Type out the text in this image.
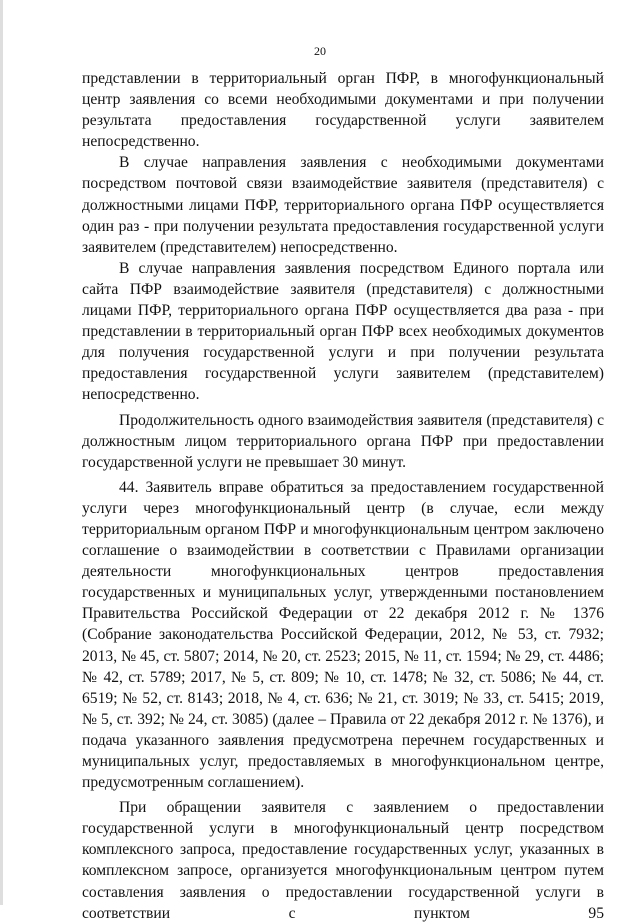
20

представлении в территориальный орган ПФР, в многофункциональный центр заявления со всеми необходимыми документами и при получении результата предоставления государственной услуги заявителем непосредственно.

В случае направления заявления с необходимыми документами посредством почтовой связи взаимодействие заявителя (представителя) с должностными лицами ПФР, территориального органа ПФР осуществляется один раз - при получении результата предоставления государственной услуги заявителем (представителем) непосредственно.

В случае направления заявления посредством Единого портала или сайта ПФР взаимодействие заявителя (представителя) с должностными лицами ПФР, территориального органа ПФР осуществляется два раза - при представлении в территориальный орган ПФР всех необходимых документов для получения государственной услуги и при получении результата предоставления государственной услуги заявителем (представителем) непосредственно.

Продолжительность одного взаимодействия заявителя (представителя) с должностным лицом территориального органа ПФР при предоставлении государственной услуги не превышает 30 минут.

44. Заявитель вправе обратиться за предоставлением государственной услуги через многофункциональный центр (в случае, если между территориальным органом ПФР и многофункциональным центром заключено соглашение о взаимодействии в соответствии с Правилами организации деятельности многофункциональных центров предоставления государственных и муниципальных услуг, утвержденными постановлением Правительства Российской Федерации от 22 декабря 2012 г. № 1376 (Собрание законодательства Российской Федерации, 2012, № 53, ст. 7932; 2013, № 45, ст. 5807; 2014, № 20, ст. 2523; 2015, № 11, ст. 1594; № 29, ст. 4486; № 42, ст. 5789; 2017, № 5, ст. 809; № 10, ст. 1478; № 32, ст. 5086; № 44, ст. 6519; № 52, ст. 8143; 2018, № 4, ст. 636; № 21, ст. 3019; № 33, ст. 5415; 2019, № 5, ст. 392; № 24, ст. 3085) (далее – Правила от 22 декабря 2012 г. № 1376), и подача указанного заявления предусмотрена перечнем государственных и муниципальных услуг, предоставляемых в многофункциональном центре, предусмотренным соглашением).

При обращении заявителя с заявлением о предоставлении государственной услуги в многофункциональный центр посредством комплексного запроса, предоставление государственных услуг, указанных в комплексном запросе, организуется многофункциональным центром путем составления заявления о предоставлении государственной услуги в соответствии с пунктом 95
